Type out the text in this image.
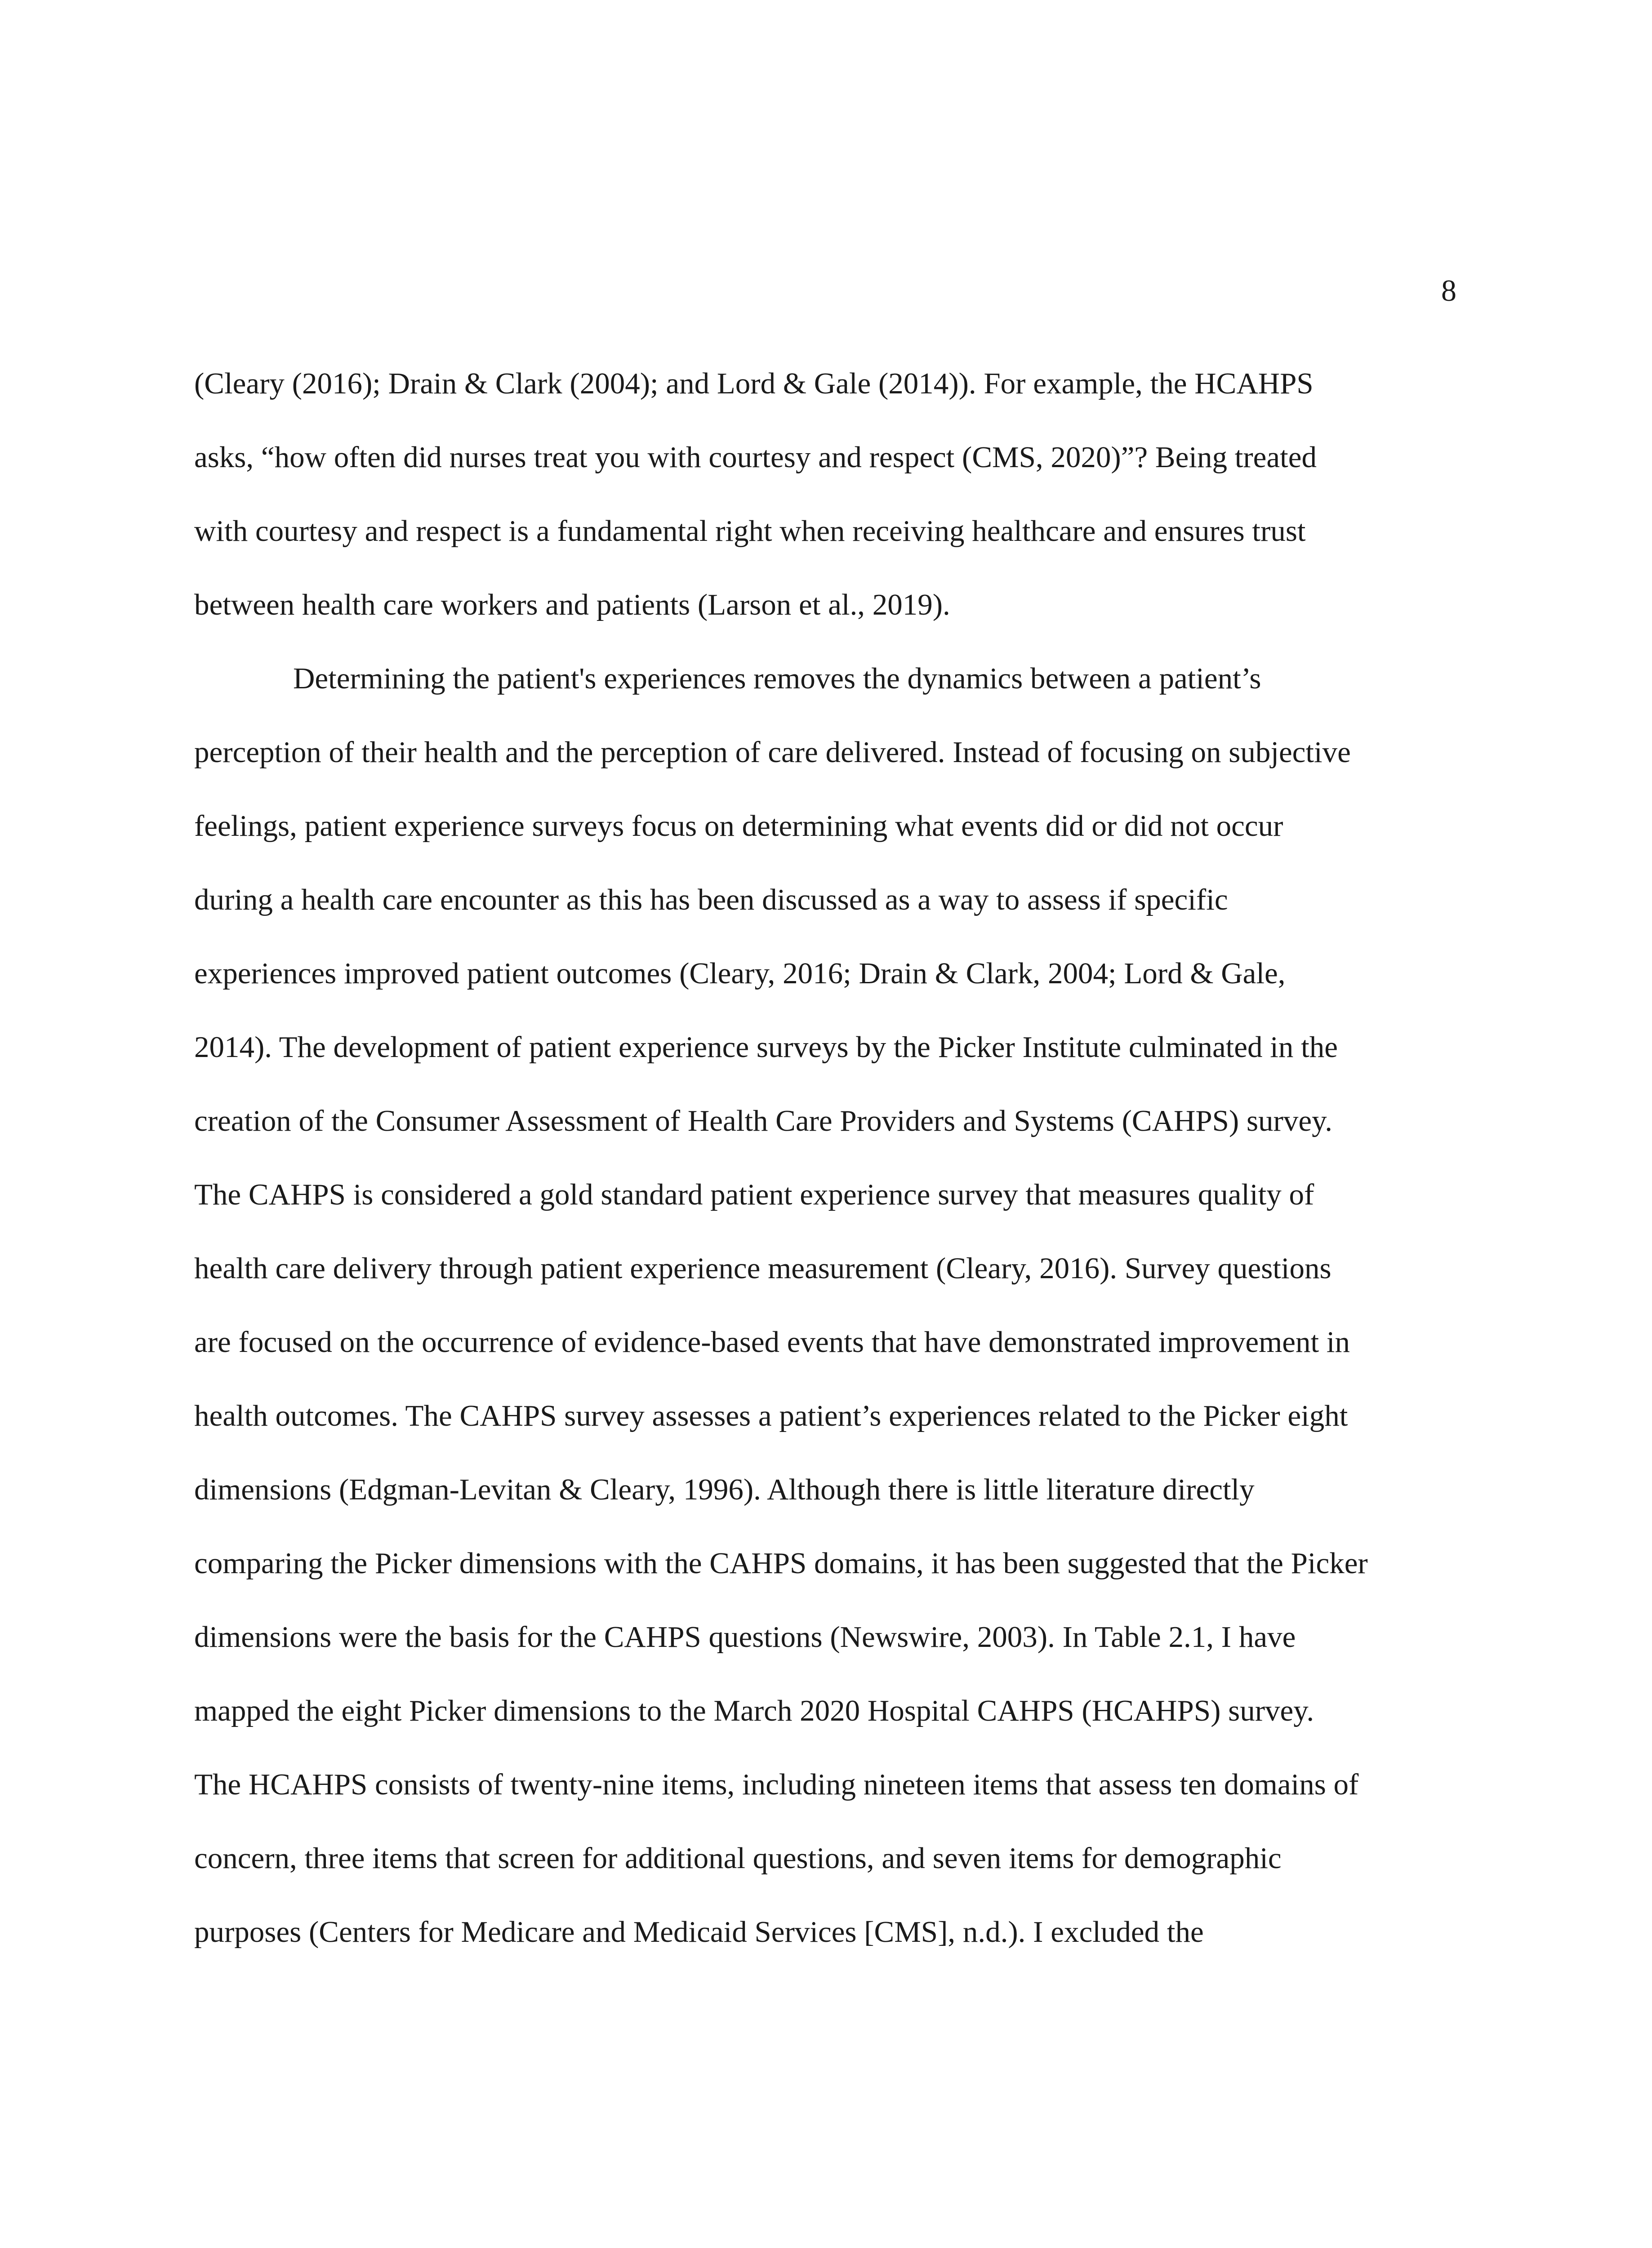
8
(Cleary (2016); Drain & Clark (2004); and Lord & Gale (2014)). For example, the HCAHPS
asks, “how often did nurses treat you with courtesy and respect (CMS, 2020)”? Being treated
with courtesy and respect is a fundamental right when receiving healthcare and ensures trust
between health care workers and patients (Larson et al., 2019).
Determining the patient's experiences removes the dynamics between a patient’s
perception of their health and the perception of care delivered. Instead of focusing on subjective
feelings, patient experience surveys focus on determining what events did or did not occur
during a health care encounter as this has been discussed as a way to assess if specific
experiences improved patient outcomes (Cleary, 2016; Drain & Clark, 2004; Lord & Gale,
2014). The development of patient experience surveys by the Picker Institute culminated in the
creation of the Consumer Assessment of Health Care Providers and Systems (CAHPS) survey.
The CAHPS is considered a gold standard patient experience survey that measures quality of
health care delivery through patient experience measurement (Cleary, 2016). Survey questions
are focused on the occurrence of evidence-based events that have demonstrated improvement in
health outcomes. The CAHPS survey assesses a patient’s experiences related to the Picker eight
dimensions (Edgman-Levitan & Cleary, 1996). Although there is little literature directly
comparing the Picker dimensions with the CAHPS domains, it has been suggested that the Picker
dimensions were the basis for the CAHPS questions (Newswire, 2003). In Table 2.1, I have
mapped the eight Picker dimensions to the March 2020 Hospital CAHPS (HCAHPS) survey.
The HCAHPS consists of twenty-nine items, including nineteen items that assess ten domains of
concern, three items that screen for additional questions, and seven items for demographic
purposes (Centers for Medicare and Medicaid Services [CMS], n.d.). I excluded the
